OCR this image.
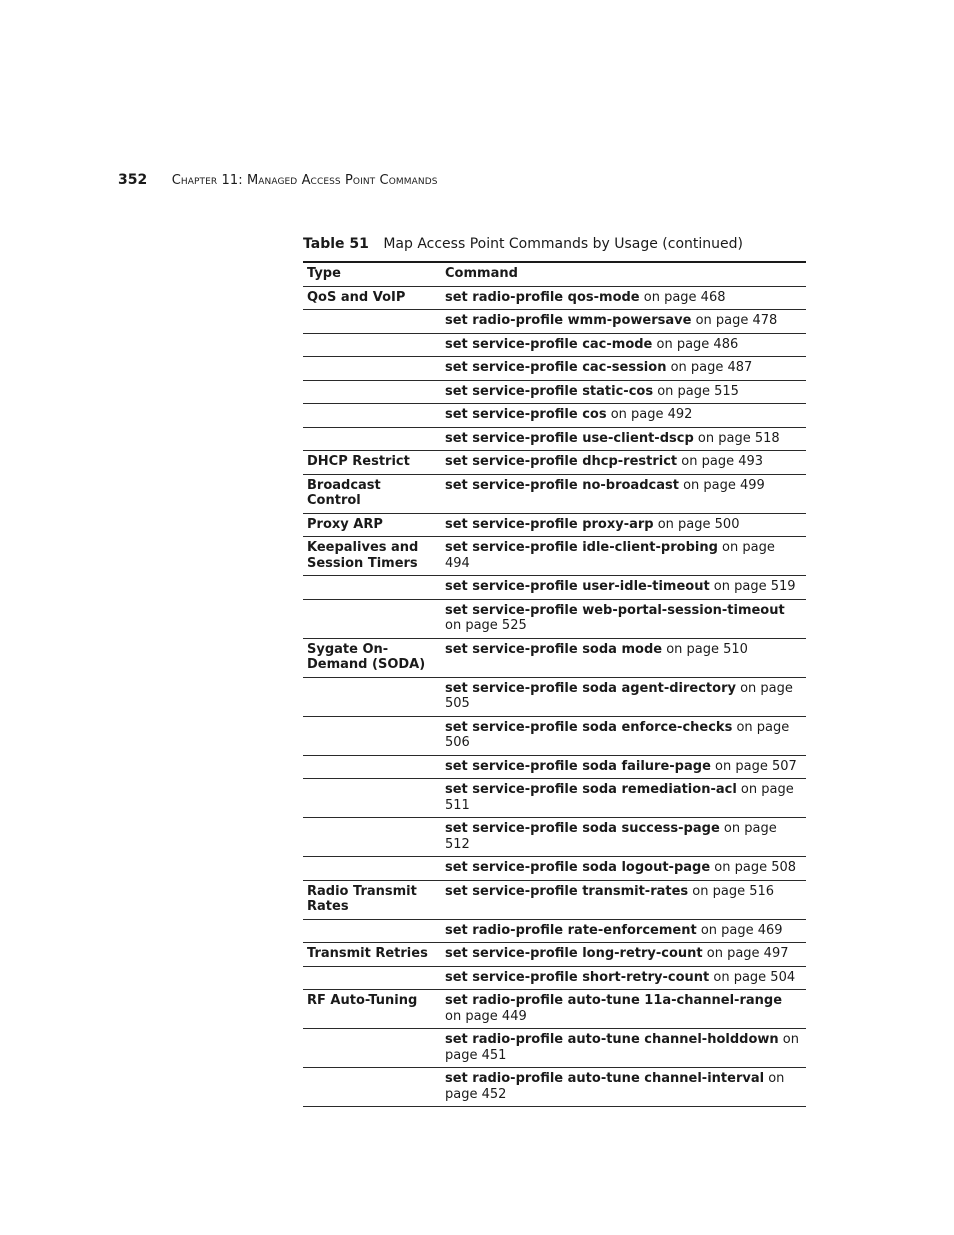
352 Chapter 11: Managed Access Point Commands
Table 51 Map Access Point Commands by Usage (continued)
Type	Command
QoS and VoIP	set radio-profile qos-mode on page 468
	set radio-profile wmm-powersave on page 478
	set service-profile cac-mode on page 486
	set service-profile cac-session on page 487
	set service-profile static-cos on page 515
	set service-profile cos on page 492
	set service-profile use-client-dscp on page 518
DHCP Restrict	set service-profile dhcp-restrict on page 493
Broadcast Control	set service-profile no-broadcast on page 499
Proxy ARP	set service-profile proxy-arp on page 500
Keepalives and Session Timers	set service-profile idle-client-probing on page 494
	set service-profile user-idle-timeout on page 519
	set service-profile web-portal-session-timeout on page 525
Sygate On-Demand (SODA)	set service-profile soda mode on page 510
	set service-profile soda agent-directory on page 505
	set service-profile soda enforce-checks on page 506
	set service-profile soda failure-page on page 507
	set service-profile soda remediation-acl on page 511
	set service-profile soda success-page on page 512
	set service-profile soda logout-page on page 508
Radio Transmit Rates	set service-profile transmit-rates on page 516
	set radio-profile rate-enforcement on page 469
Transmit Retries	set service-profile long-retry-count on page 497
	set service-profile short-retry-count on page 504
RF Auto-Tuning	set radio-profile auto-tune 11a-channel-range on page 449
	set radio-profile auto-tune channel-holddown on page 451
	set radio-profile auto-tune channel-interval on page 452
